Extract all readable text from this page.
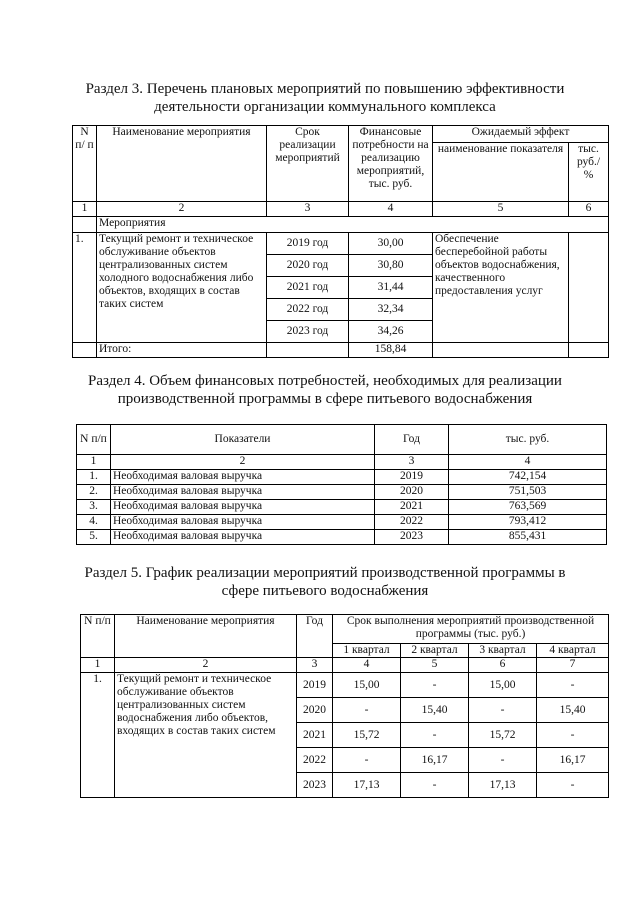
Раздел 3. Перечень плановых мероприятий по повышению эффективности
деятельности организации коммунального комплекса
N п/ п	Наименование мероприятия	Срок реализации мероприятий	Финансовые потребности на реализацию мероприятий, тыс. руб.	Ожидаемый эффект	
				наименование показателя	тыс. руб./ %
1	2	3	4	5	6
	Мероприятия				
1.	Текущий ремонт и техническое обслуживание объектов централизованных систем холодного водоснабжения либо объектов, входящих в состав таких систем	2019 год	30,00	Обеспечение бесперебойной работы объектов водоснабжения, качественного предоставления услуг	
		2020 год	30,80		
		2021 год	31,44		
		2022 год	32,34		
		2023 год	34,26		
	Итого:		158,84		
Раздел 4. Объем финансовых потребностей, необходимых для реализации
производственной программы в сфере питьевого водоснабжения
N п/п	Показатели	Год	тыс. руб.
1	2	3	4
1.	Необходимая валовая выручка	2019	742,154
2.	Необходимая валовая выручка	2020	751,503
3.	Необходимая валовая выручка	2021	763,569
4.	Необходимая валовая выручка	2022	793,412
5.	Необходимая валовая выручка	2023	855,431
Раздел 5. График реализации мероприятий производственной программы в
сфере питьевого водоснабжения
N п/п	Наименование мероприятия	Год	Срок выполнения мероприятий производственной программы (тыс. руб.)			
			1 квартал	2 квартал	3 квартал	4 квартал
1	2	3	4	5	6	7
1.	Текущий ремонт и техническое обслуживание объектов централизованных систем водоснабжения либо объектов, входящих в состав таких систем	2019	15,00	-	15,00	-
		2020	-	15,40	-	15,40
		2021	15,72	-	15,72	-
		2022	-	16,17	-	16,17
		2023	17,13	-	17,13	-
